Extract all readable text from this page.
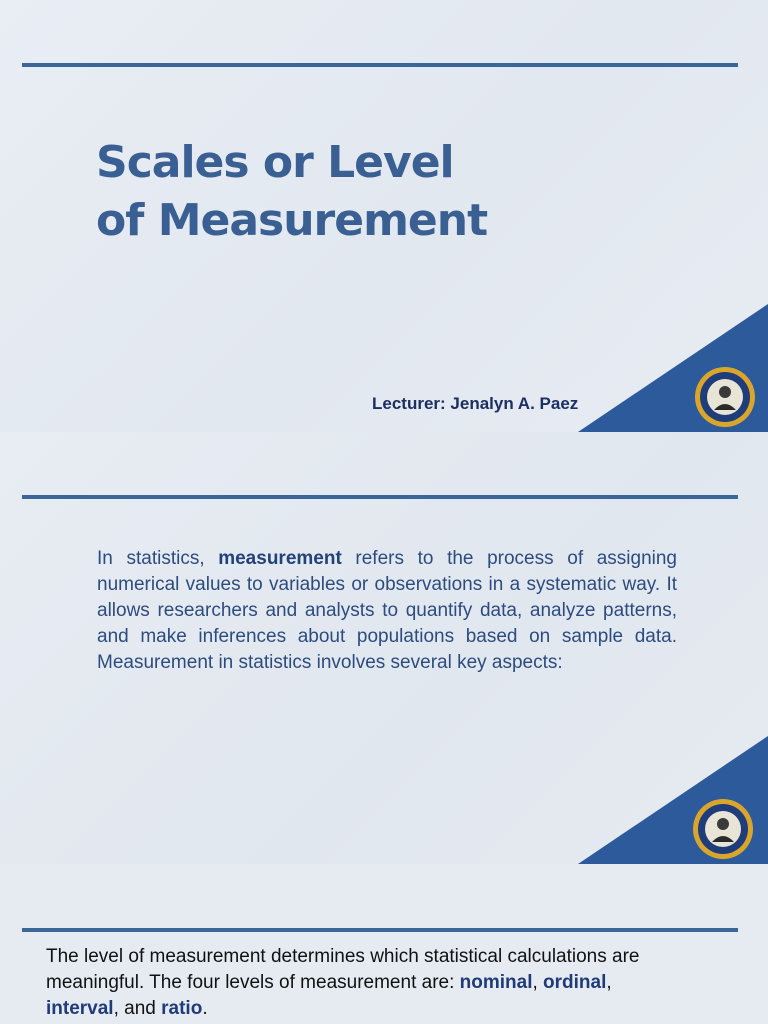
Scales or Level
of Measurement
Lecturer: Jenalyn A. Paez

In statistics, measurement refers to the process of assigning numerical values to variables or observations in a systematic way. It allows researchers and analysts to quantify data, analyze patterns, and make inferences about populations based on sample data. Measurement in statistics involves several key aspects:

The level of measurement determines which statistical calculations are meaningful. The four levels of measurement are: nominal, ordinal,
interval, and ratio.
